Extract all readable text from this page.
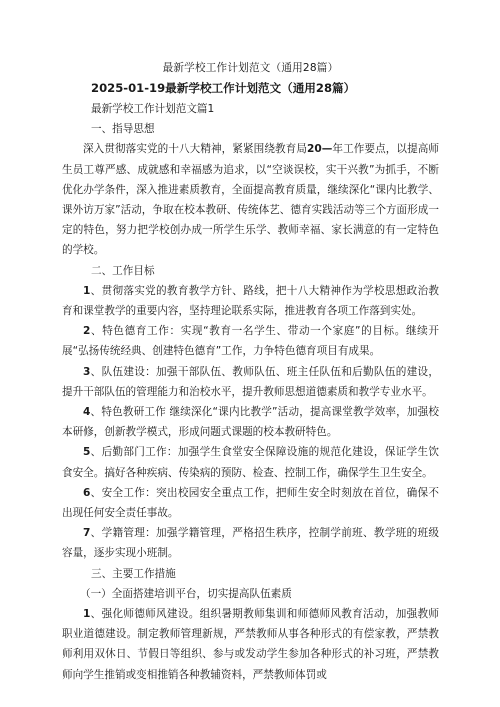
最新学校工作计划范文（通用28篇）
2025-01-19最新学校工作计划范文（通用28篇）
最新学校工作计划范文篇1
一、指导思想

深入贯彻落实党的十八大精神，紧紧围绕教育局20—年工作要点，以提高师生员工尊严感、成就感和幸福感为追求，以“空谈误校，实干兴教”为抓手，不断优化办学条件，深入推进素质教育，全面提高教育质量，继续深化“课内比教学、课外访万家”活动，争取在校本教研、传统体艺、德育实践活动等三个方面形成一定的特色，努力把学校创办成一所学生乐学、教师幸福、家长满意的有一定特色的学校。

二、工作目标

1、贯彻落实党的教育教学方针、路线，把十八大精神作为学校思想政治教育和课堂教学的重要内容，坚持理论联系实际，推进教育各项工作落到实处。

2、特色德育工作：实现“教育一名学生、带动一个家庭”的目标。继续开展“弘扬传统经典、创建特色德育”工作，力争特色德育项目有成果。

3、队伍建设：加强干部队伍、教师队伍、班主任队伍和后勤队伍的建设，提升干部队伍的管理能力和治校水平，提升教师思想道德素质和教学专业水平。

4、特色教研工作 继续深化“课内比教学”活动，提高课堂教学效率，加强校本研修，创新教学模式，形成问题式课题的校本教研特色。

5、后勤部门工作：加强学生食堂安全保障设施的规范化建设，保证学生饮食安全。搞好各种疾病、传染病的预防、检查、控制工作，确保学生卫生安全。

6、安全工作：突出校园安全重点工作，把师生安全时刻放在首位，确保不出现任何安全责任事故。

7、学籍管理：加强学籍管理，严格招生秩序，控制学前班、教学班的班级容量，逐步实现小班制。

三、主要工作措施
（一）全面搭建培训平台，切实提高队伍素质

1、强化师德师风建设。组织暑期教师集训和师德师风教育活动，加强教师职业道德建设。制定教师管理新规，严禁教师从事各种形式的有偿家教，严禁教师利用双休日、节假日等组织、参与或发动学生参加各种形式的补习班，严禁教师向学生推销或变相推销各种教辅资料，严禁教师体罚或
